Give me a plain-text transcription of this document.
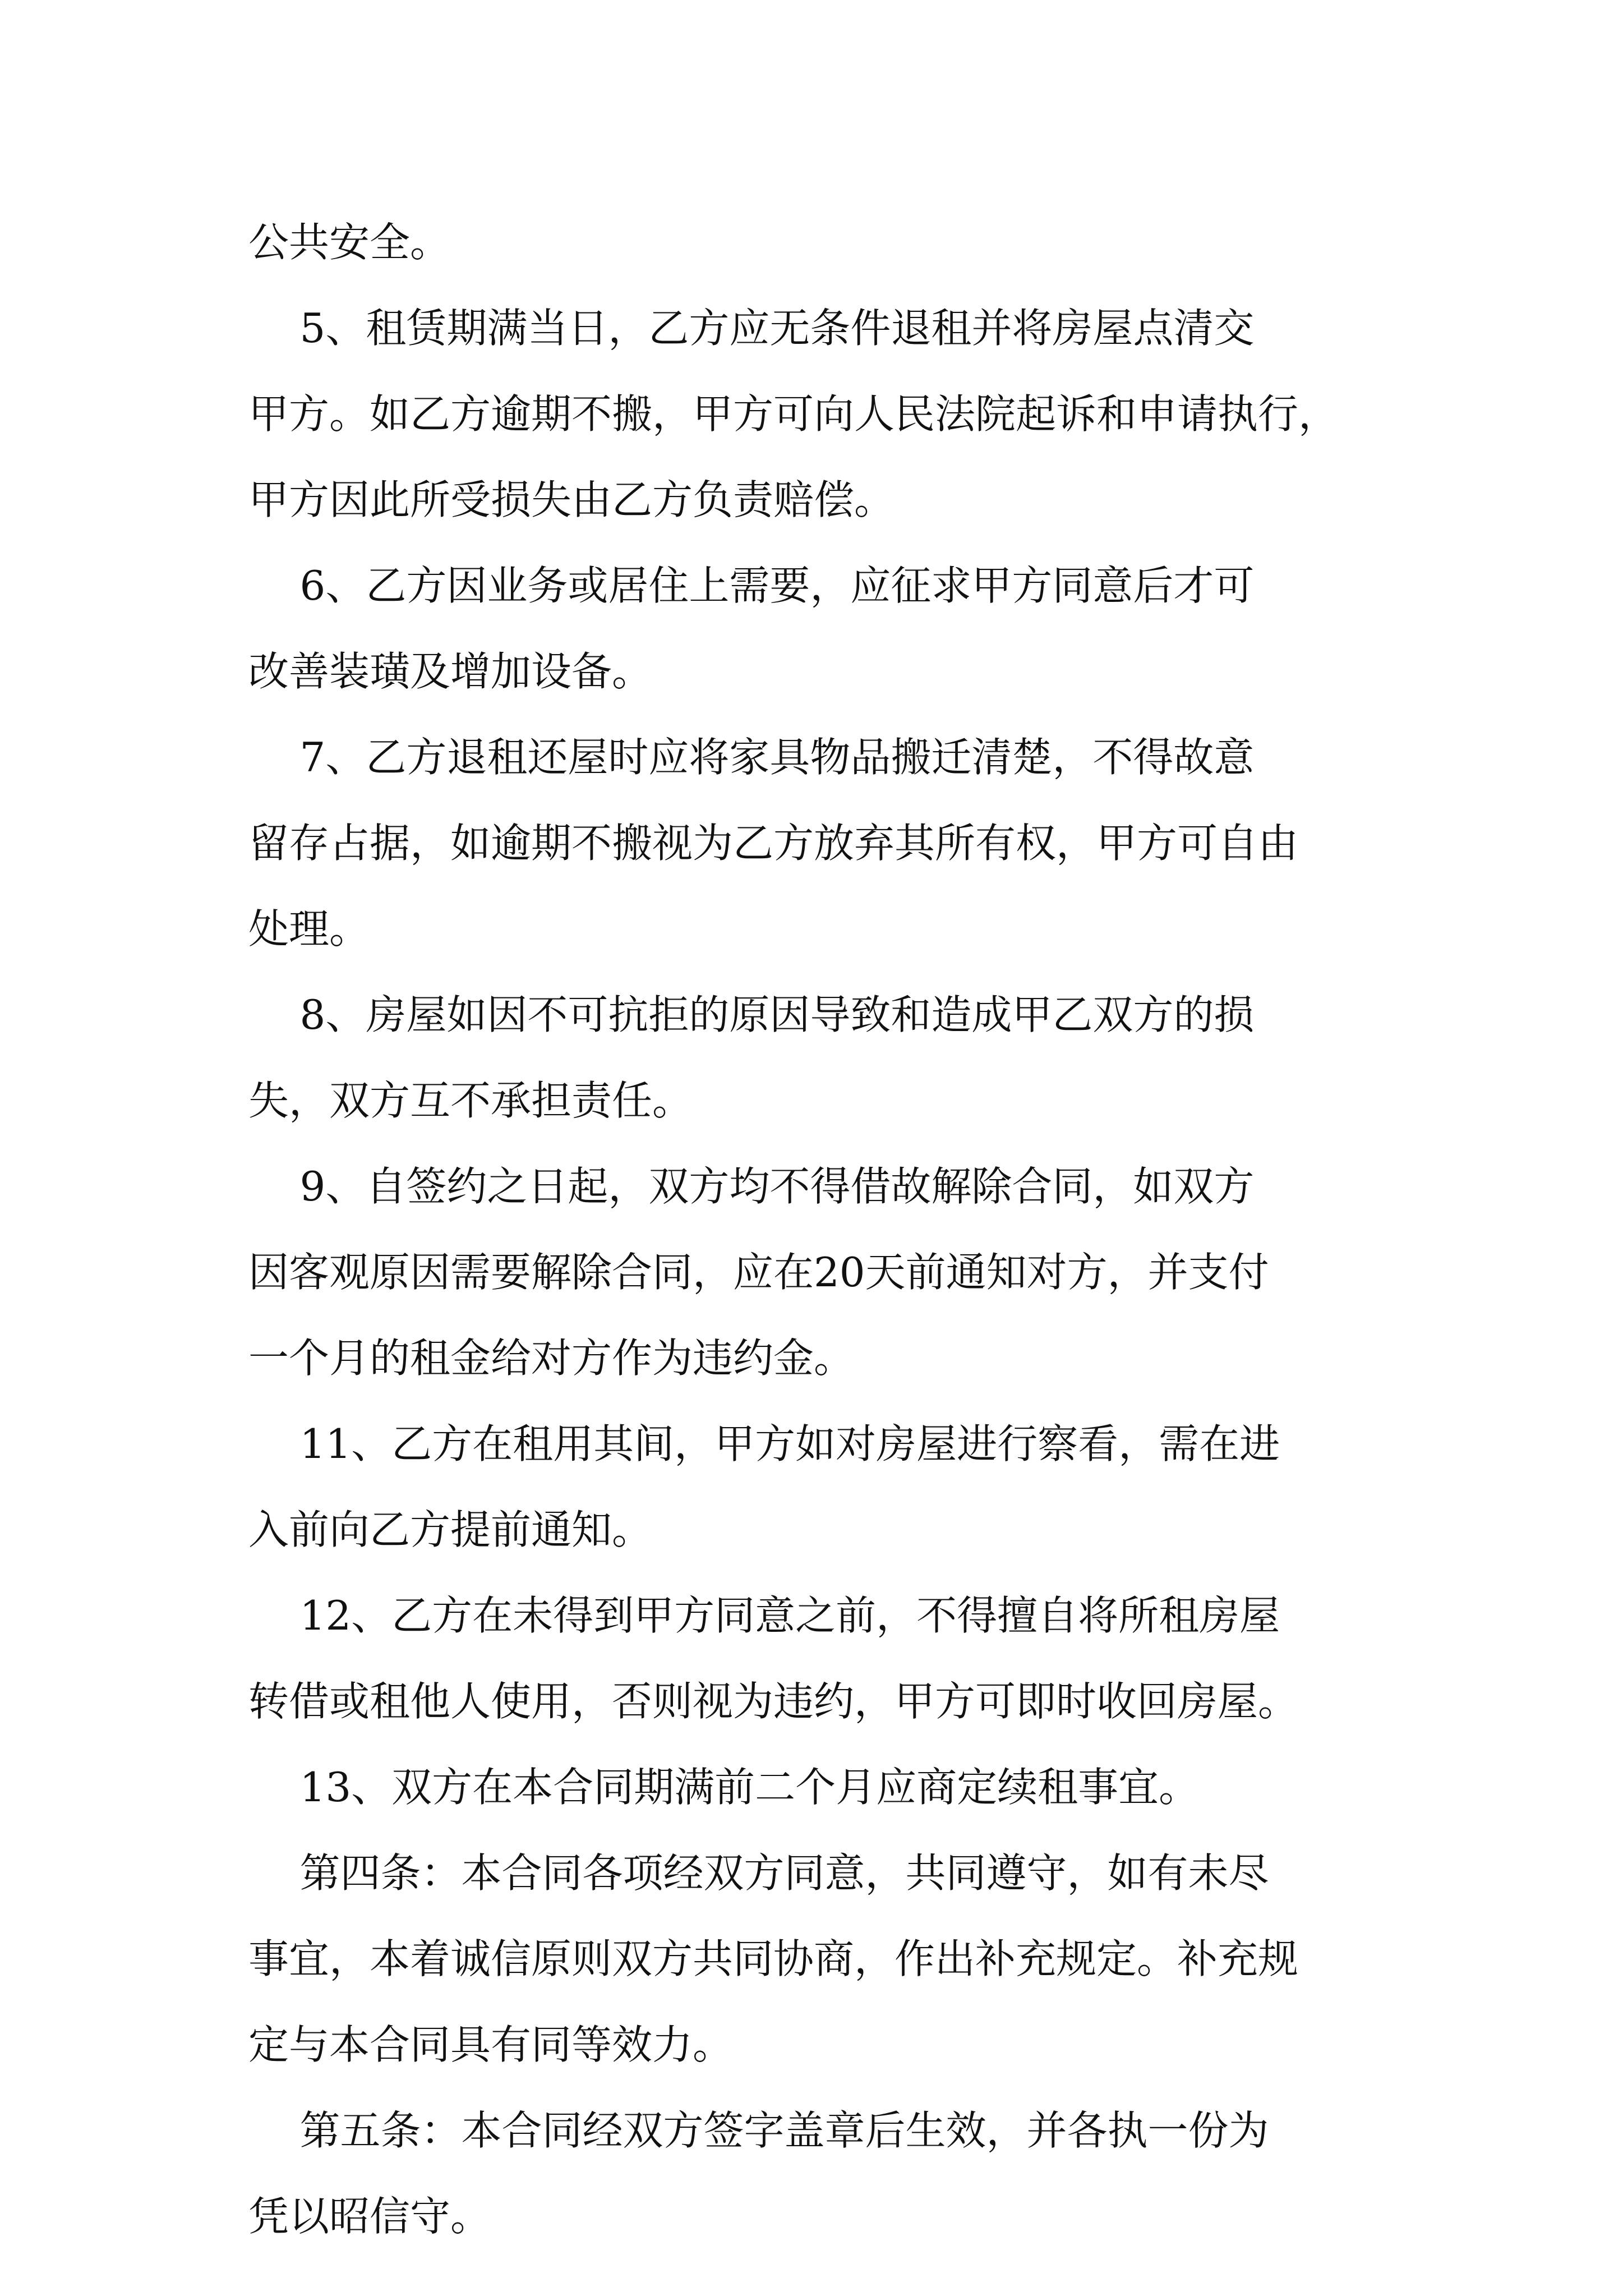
公共安全。
5、租赁期满当日，乙方应无条件退租并将房屋点清交
甲方。如乙方逾期不搬，甲方可向人民法院起诉和申请执行，
甲方因此所受损失由乙方负责赔偿。
6、乙方因业务或居住上需要，应征求甲方同意后才可
改善装璜及增加设备。
7、乙方退租还屋时应将家具物品搬迁清楚，不得故意
留存占据，如逾期不搬视为乙方放弃其所有权，甲方可自由
处理。
8、房屋如因不可抗拒的原因导致和造成甲乙双方的损
失，双方互不承担责任。
9、自签约之日起，双方均不得借故解除合同，如双方
因客观原因需要解除合同，应在20天前通知对方，并支付
一个月的租金给对方作为违约金。
11、乙方在租用其间，甲方如对房屋进行察看，需在进
入前向乙方提前通知。
12、乙方在未得到甲方同意之前，不得擅自将所租房屋
转借或租他人使用，否则视为违约，甲方可即时收回房屋。
13、双方在本合同期满前二个月应商定续租事宜。
第四条：本合同各项经双方同意，共同遵守，如有未尽
事宜，本着诚信原则双方共同协商，作出补充规定。补充规
定与本合同具有同等效力。
第五条：本合同经双方签字盖章后生效，并各执一份为
凭以昭信守。
